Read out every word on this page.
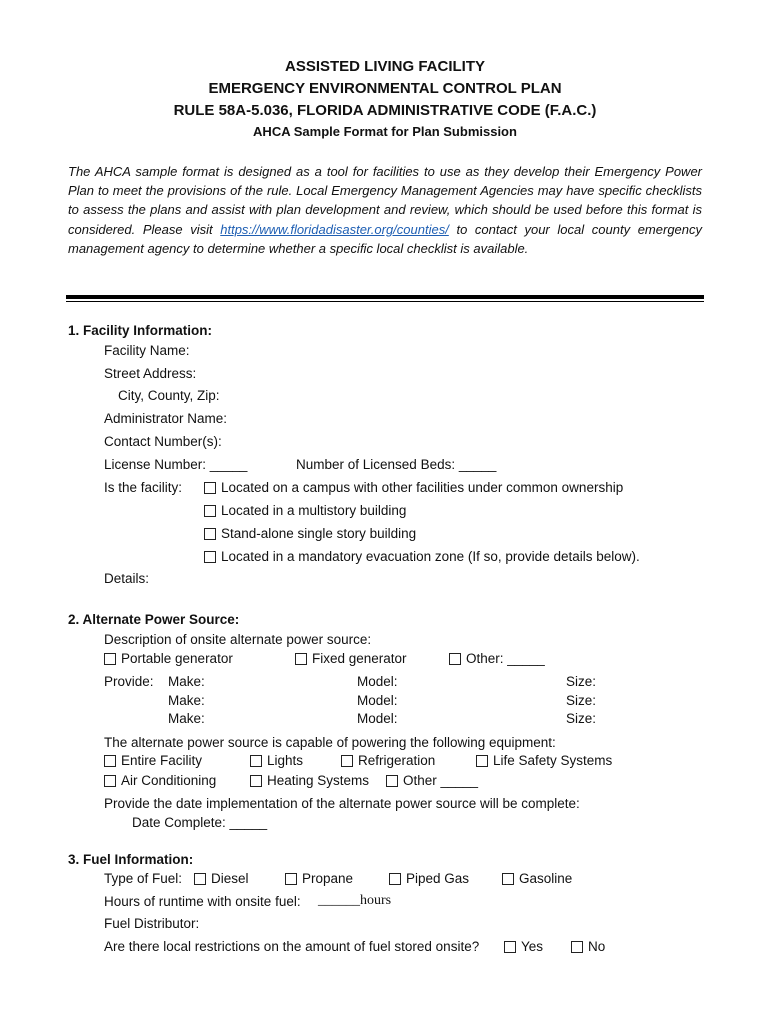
ASSISTED LIVING FACILITY
EMERGENCY ENVIRONMENTAL CONTROL PLAN
RULE 58A-5.036, FLORIDA ADMINISTRATIVE CODE (F.A.C.)
AHCA Sample Format for Plan Submission
The AHCA sample format is designed as a tool for facilities to use as they develop their Emergency Power Plan to meet the provisions of the rule. Local Emergency Management Agencies may have specific checklists to assess the plans and assist with plan development and review, which should be used before this format is considered. Please visit https://www.floridadisaster.org/counties/ to contact your local county emergency management agency to determine whether a specific local checklist is available.
1. Facility Information:
Facility Name:
Street Address:
City, County, Zip:
Administrator Name:
Contact Number(s):
License Number: _____	Number of Licensed Beds: _____
Is the facility:	Located on a campus with other facilities under common ownership
Located in a multistory building
Stand-alone single story building
Located in a mandatory evacuation zone (If so, provide details below).
Details:
2. Alternate Power Source:
Description of onsite alternate power source:
Portable generator	Fixed generator	Other: _____
Provide: Make:	Model:	Size:
Make:	Model:	Size:
Make:	Model:	Size:
The alternate power source is capable of powering the following equipment:
Entire Facility	Lights	Refrigeration	Life Safety Systems
Air Conditioning	Heating Systems	Other _____
Provide the date implementation of the alternate power source will be complete:
Date Complete: _____
3. Fuel Information:
Type of Fuel:	Diesel	Propane	Piped Gas	Gasoline
Hours of runtime with onsite fuel: ______hours
Fuel Distributor:
Are there local restrictions on the amount of fuel stored onsite?	Yes	No
